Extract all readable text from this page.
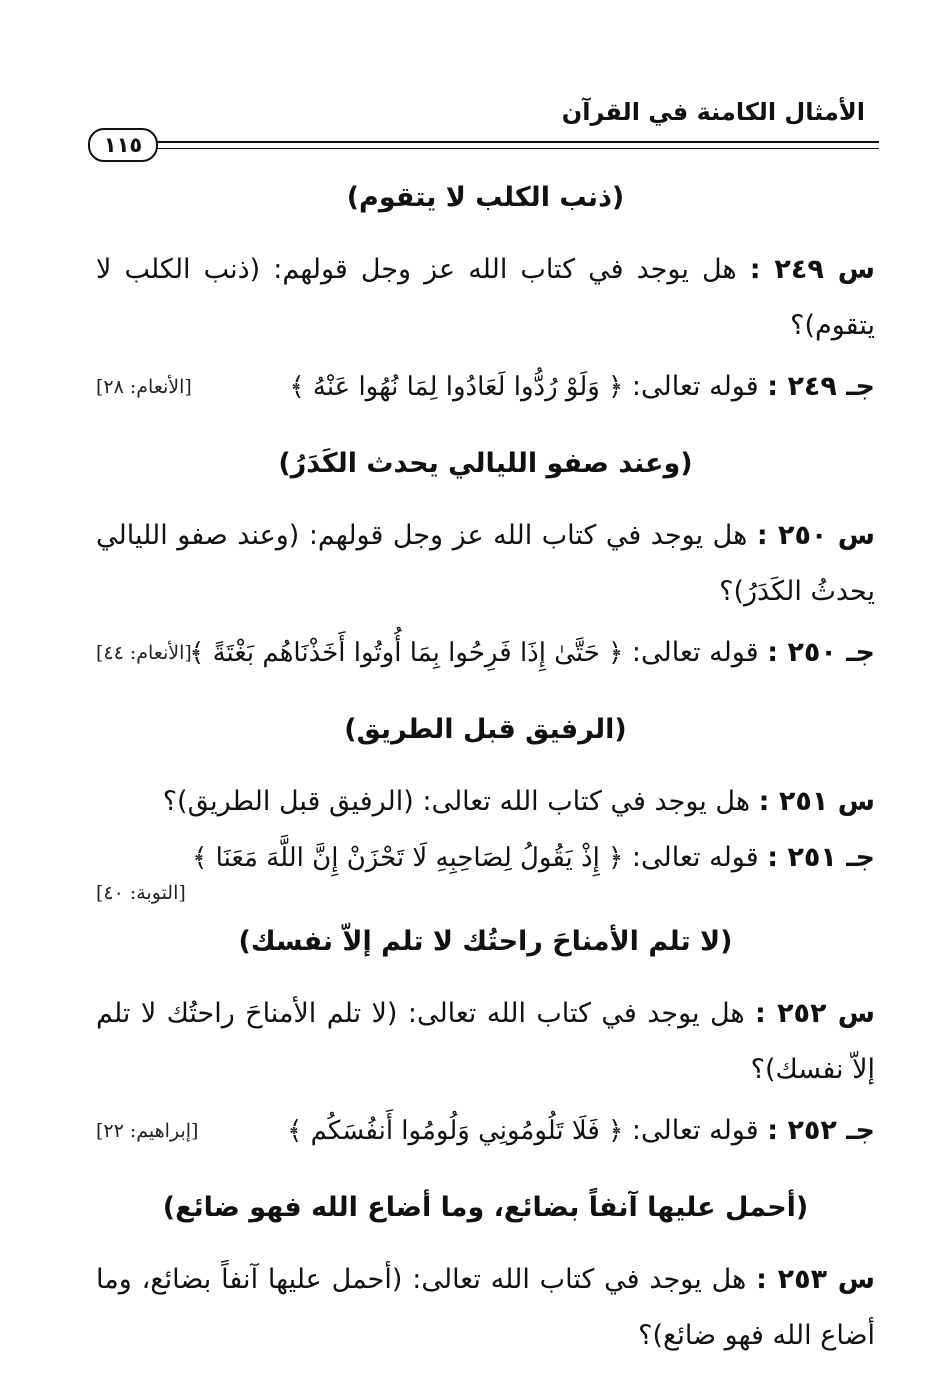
الأمثال الكامنة في القرآن
١١٥
(ذنب الكلب لا يتقوم)
س ٢٤٩ : هل يوجد في كتاب الله عز وجل قولهم: (ذنب الكلب لا يتقوم)؟
جـ ٢٤٩ : قوله تعالى: ﴿ وَلَوْ رُدُّوا لَعَادُوا لِمَا نُهُوا عَنْهُ ﴾
[الأنعام: ٢٨]
(وعند صفو الليالي يحدث الكَدَرُ)
س ٢٥٠ : هل يوجد في كتاب الله عز وجل قولهم: (وعند صفو الليالي يحدثُ الكَدَرُ)؟
جـ ٢٥٠ : قوله تعالى: ﴿ حَتَّىٰ إِذَا فَرِحُوا بِمَا أُوتُوا أَخَذْنَاهُم بَغْتَةً ﴾
[الأنعام: ٤٤]
(الرفيق قبل الطريق)
س ٢٥١ : هل يوجد في كتاب الله تعالى: (الرفيق قبل الطريق)؟
جـ ٢٥١ : قوله تعالى: ﴿ إِذْ يَقُولُ لِصَاحِبِهِ لَا تَحْزَنْ إِنَّ اللَّهَ مَعَنَا ﴾
[التوبة: ٤٠]
(لا تلم الأمناحَ راحتُك لا تلم إلاّ نفسك)
س ٢٥٢ : هل يوجد في كتاب الله تعالى: (لا تلم الأمناحَ راحتُك لا تلم إلاّ نفسك)؟
جـ ٢٥٢ : قوله تعالى: ﴿ فَلَا تَلُومُونِي وَلُومُوا أَنفُسَكُم ﴾
[إبراهيم: ٢٢]
(أحمل عليها آنفاً بضائع، وما أضاع الله فهو ضائع)
س ٢٥٣ : هل يوجد في كتاب الله تعالى: (أحمل عليها آنفاً بضائع، وما أضاع الله فهو ضائع)؟
